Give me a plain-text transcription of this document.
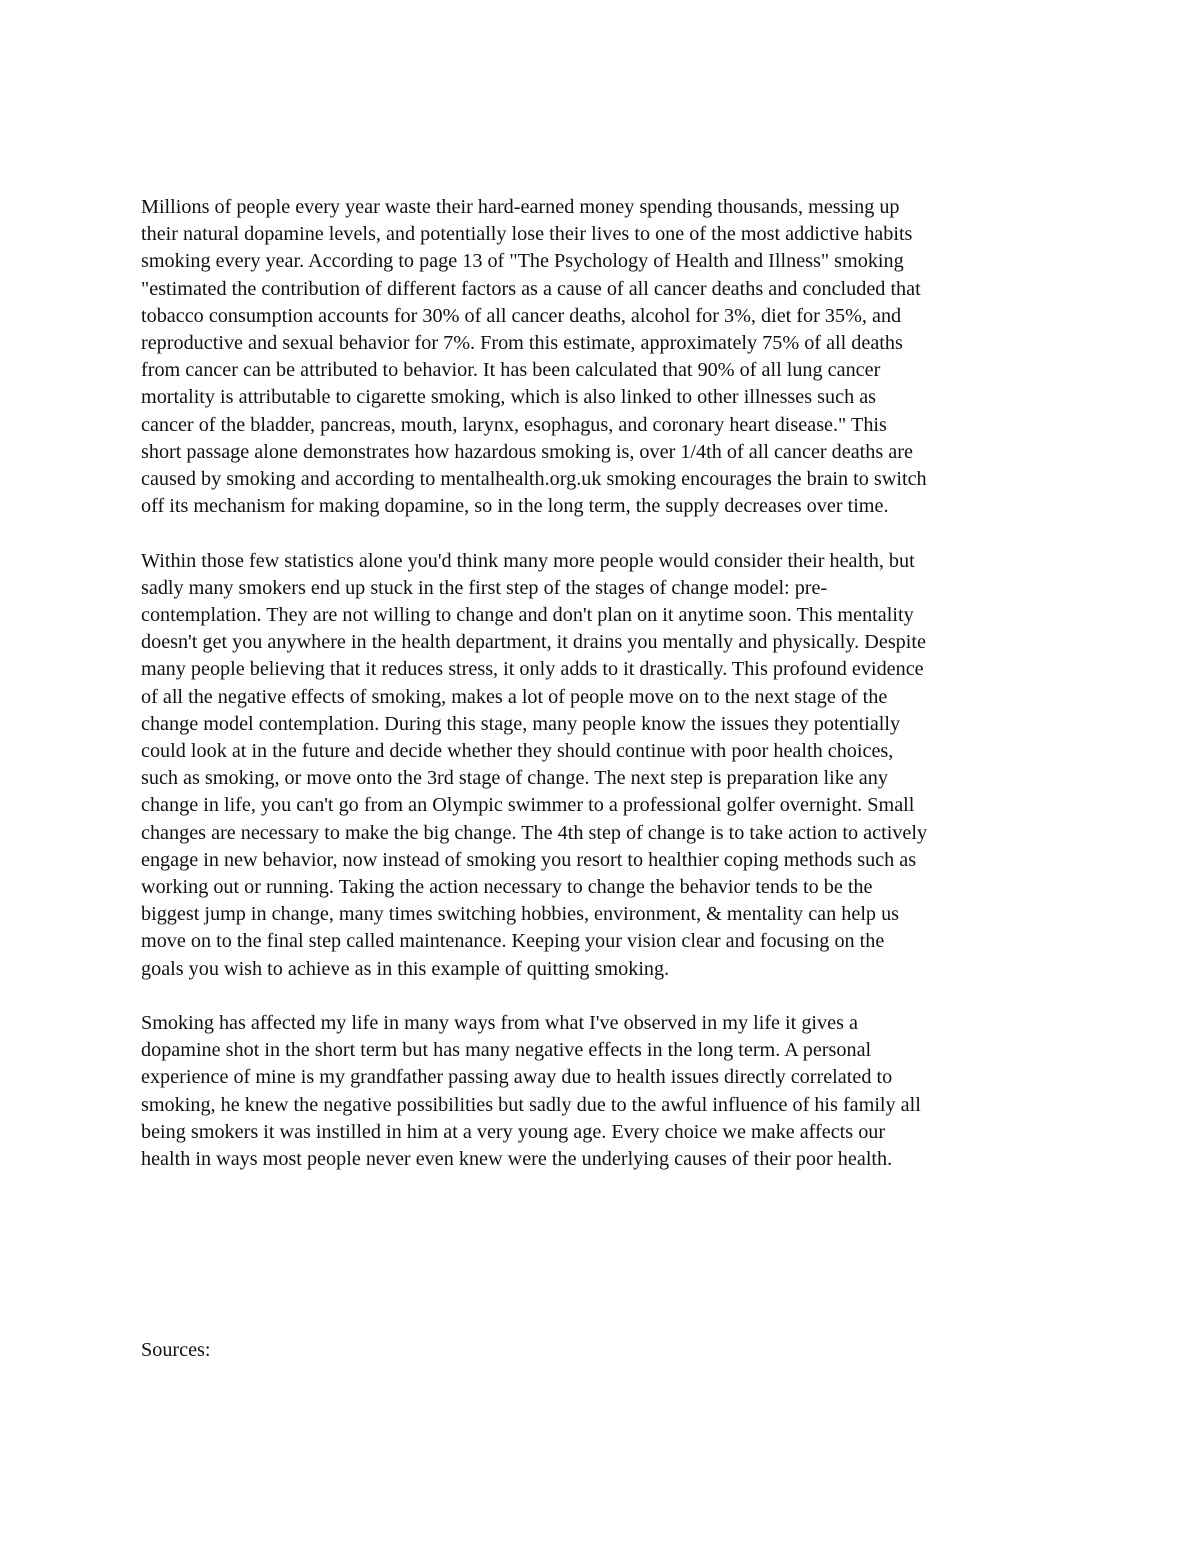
Millions of people every year waste their hard-earned money spending thousands, messing up
their natural dopamine levels, and potentially lose their lives to one of the most addictive habits
smoking every year. According to page 13 of "The Psychology of Health and Illness" smoking
"estimated the contribution of different factors as a cause of all cancer deaths and concluded that
tobacco consumption accounts for 30% of all cancer deaths, alcohol for 3%, diet for 35%, and
reproductive and sexual behavior for 7%. From this estimate, approximately 75% of all deaths
from cancer can be attributed to behavior. It has been calculated that 90% of all lung cancer
mortality is attributable to cigarette smoking, which is also linked to other illnesses such as
cancer of the bladder, pancreas, mouth, larynx, esophagus, and coronary heart disease." This
short passage alone demonstrates how hazardous smoking is, over 1/4th of all cancer deaths are
caused by smoking and according to mentalhealth.org.uk smoking encourages the brain to switch
off its mechanism for making dopamine, so in the long term, the supply decreases over time.
Within those few statistics alone you'd think many more people would consider their health, but
sadly many smokers end up stuck in the first step of the stages of change model: pre-
contemplation. They are not willing to change and don't plan on it anytime soon. This mentality
doesn't get you anywhere in the health department, it drains you mentally and physically. Despite
many people believing that it reduces stress, it only adds to it drastically. This profound evidence
of all the negative effects of smoking, makes a lot of people move on to the next stage of the
change model contemplation. During this stage, many people know the issues they potentially
could look at in the future and decide whether they should continue with poor health choices,
such as smoking, or move onto the 3rd stage of change. The next step is preparation like any
change in life, you can't go from an Olympic swimmer to a professional golfer overnight. Small
changes are necessary to make the big change. The 4th step of change is to take action to actively
engage in new behavior, now instead of smoking you resort to healthier coping methods such as
working out or running. Taking the action necessary to change the behavior tends to be the
biggest jump in change, many times switching hobbies, environment, & mentality can help us
move on to the final step called maintenance. Keeping your vision clear and focusing on the
goals you wish to achieve as in this example of quitting smoking.
Smoking has affected my life in many ways from what I've observed in my life it gives a
dopamine shot in the short term but has many negative effects in the long term. A personal
experience of mine is my grandfather passing away due to health issues directly correlated to
smoking, he knew the negative possibilities but sadly due to the awful influence of his family all
being smokers it was instilled in him at a very young age. Every choice we make affects our
health in ways most people never even knew were the underlying causes of their poor health.
Sources:
